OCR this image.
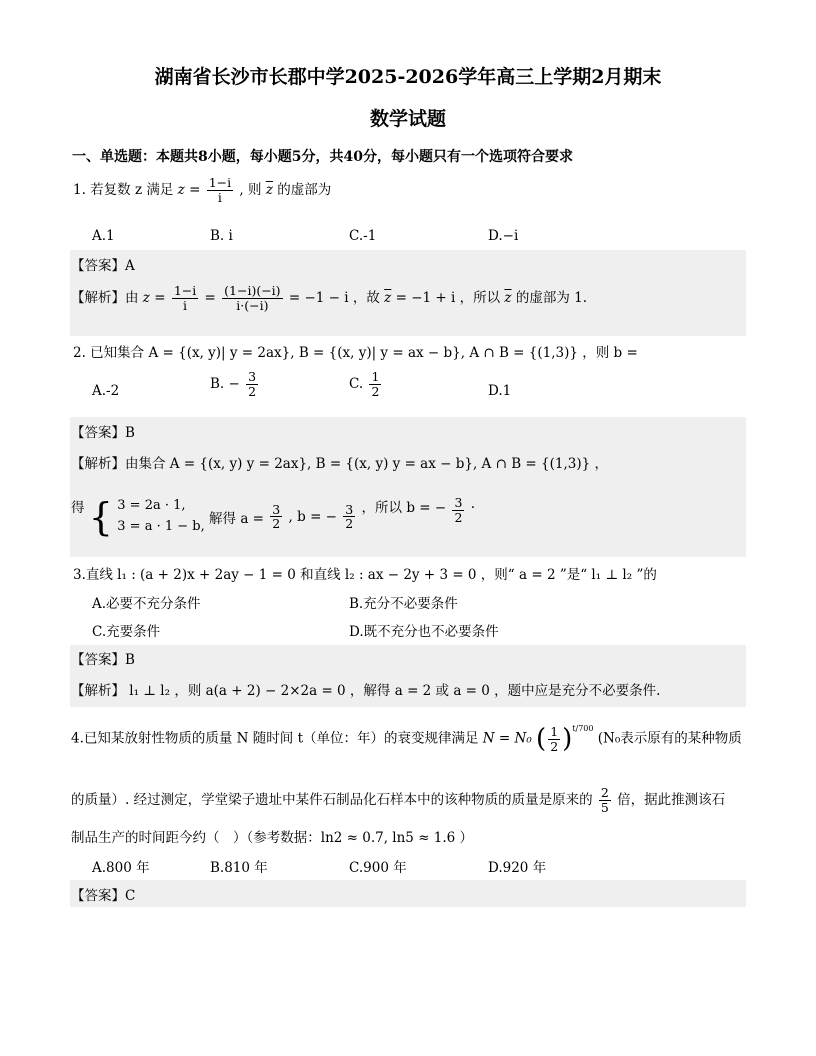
湖南省长沙市长郡中学2025-2026学年高三上学期2月期末
数学试题
一、单选题：本题共8小题，每小题5分，共40分，每小题只有一个选项符合要求
1. 若复数 z 满足 $z = \frac{1-i}{i}$ , 则 $\overline{z}$ 的虚部为
A.1	B. i	C.-1	D.−i
【答案】A
【解析】由 $z = \frac{1-i}{i} = \frac{(1-i)(-i)}{i\cdot(-i)} = -1 - i$ ，故 $\overline{z} = -1 + i$ ，所以 $\overline{z}$ 的虚部为 1.
2. 已知集合 A = {(x, y)| y = 2ax}, B = {(x, y)| y = ax − b}, A ∩ B = {(1,3)} ，则 b =
A.-2	B. − $\frac{3}{2}$	C. $\frac{1}{2}$	D.1
【答案】B
【解析】由集合 A = {(x, y) y = 2ax}, B = {(x, y) y = ax − b}, A ∩ B = {(1,3)} ，
得 { 3 = 2a · 1,
3 = a · 1 − b, 解得 $a = \frac{3}{2}$ , b = − $\frac{3}{2}$ ，所以 b = − $\frac{3}{2}$ .
3.直线 l₁ : (a + 2)x + 2ay − 1 = 0 和直线 l₂ : ax − 2y + 3 = 0 ，则“ a = 2 ”是“ l₁ ⊥ l₂ ”的
A.必要不充分条件	B.充分不必要条件
C.充要条件	D.既不充分也不必要条件
【答案】B
【解析】 l₁ ⊥ l₂ ，则 a(a + 2) − 2×2a = 0 ，解得 a = 2 或 a = 0 ，题中应是充分不必要条件.
4.已知某放射性物质的质量 N 随时间 t（单位：年）的衰变规律满足 N = N₀ ( $\frac{1}{2} )^{t/700}$ (N₀表示原有的某种物质
的质量）. 经过测定，学堂梁子遗址中某件石制品化石样本中的该种物质的质量是原来的 $\frac{2}{5}$ 倍，据此推测该石
制品生产的时间距今约（　）（参考数据：ln2 ≈ 0.7, ln5 ≈ 1.6 ）
A.800 年	B.810 年	C.900 年	D.920 年
【答案】C
